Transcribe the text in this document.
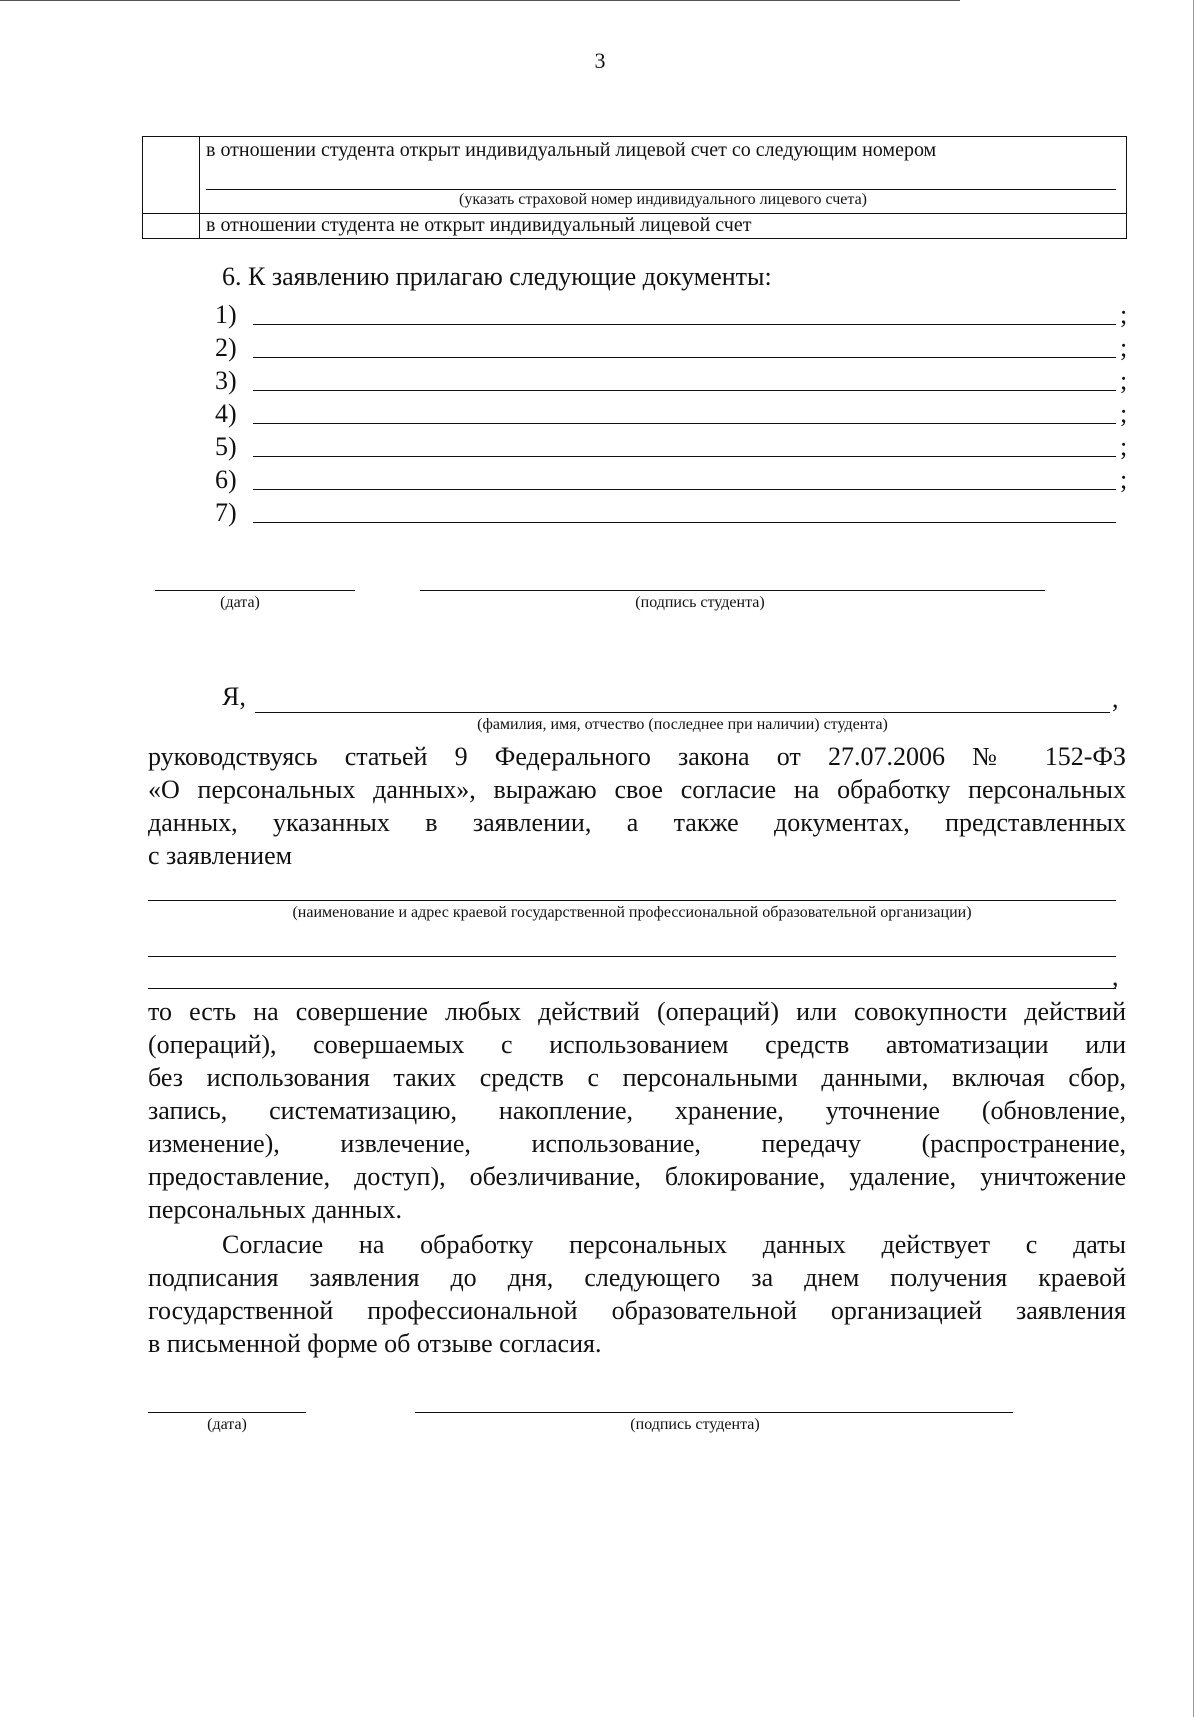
3

	в отношении студента открыт индивидуальный лицевой счет со следующим номером
(указать страховой номер индивидуального лицевого счета)

	в отношении студента не открыт индивидуальный лицевой счет
6. К заявлению прилагаю следующие документы:
1)	;
2)	;
3)	;
4)	;
5)	;
6)	;
7)
(дата)	(подпись студента)
Я,	,
(фамилия, имя, отчество (последнее при наличии) студента)
руководствуясь статьей 9 Федерального закона от 27.07.2006 № 152-ФЗ
«О персональных данных», выражаю свое согласие на обработку персональных
данных, указанных в заявлении, а также документах, представленных
с заявлением
(наименование и адрес краевой государственной профессиональной образовательной организации)
,
то есть на совершение любых действий (операций) или совокупности действий
(операций), совершаемых с использованием средств автоматизации или
без использования таких средств с персональными данными, включая сбор,
запись, систематизацию, накопление, хранение, уточнение (обновление,
изменение), извлечение, использование, передачу (распространение,
предоставление, доступ), обезличивание, блокирование, удаление, уничтожение
персональных данных.
Согласие на обработку персональных данных действует с даты
подписания заявления до дня, следующего за днем получения краевой
государственной профессиональной образовательной организацией заявления
в письменной форме об отзыве согласия.
(дата)	(подпись студента)
